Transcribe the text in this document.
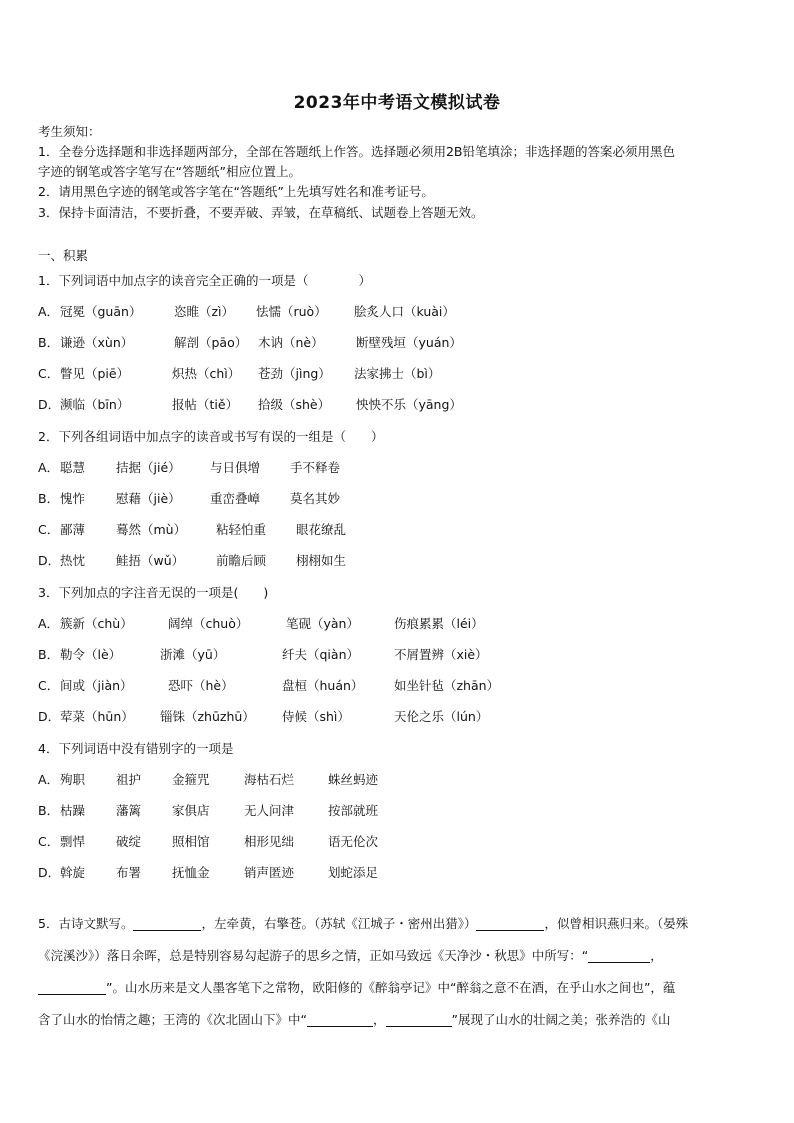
2023年中考语文模拟试卷
考生须知：
1．全卷分选择题和非选择题两部分，全部在答题纸上作答。选择题必须用2B铅笔填涂；非选择题的答案必须用黑色
字迹的钢笔或答字笔写在“答题纸”相应位置上。
2．请用黑色字迹的钢笔或答字笔在“答题纸”上先填写姓名和准考证号。
3．保持卡面清洁，不要折叠，不要弄破、弄皱，在草稿纸、试题卷上答题无效。
一、积累
1．下列词语中加点字的读音完全正确的一项是（　　　　）
A．冠冕（guān）	恣睢（zì） 怯懦（ruò） 脍炙人口（kuài）
B．谦逊（xùn）	解剖（pāo） 木讷（nè）	断壁残垣（yuán）
C．瞥见（piē）	炽热（chì） 苍劲（jìng） 法家拂士（bì）
D．濒临（bīn）	报帖（tiě） 拾级（shè） 怏怏不乐（yāng）
2．下列各组词语中加点字的读音或书写有误的一组是（　　）
A．聪慧 拮据（jié） 与日俱增 手不释卷
B．愧怍 慰藉（jiè） 重峦叠嶂 莫名其妙
C．鄙薄 蓦然（mù） 粘轻怕重 眼花缭乱
D．热忱 鲑捂（wǔ）	前瞻后顾 栩栩如生
3．下列加点的字注音无误的一项是(　　)
A．簇新（chù）	阔绰（chuò）	笔砚（yàn）	伤痕累累（léi）
B．勒令（lè）	浙滩（yū）	纤夫（qiàn）	不屑置辨（xiè）
C．间或（jiàn）	恐吓（hè）	盘桓（huán） 如坐针毡（zhān）
D．荤菜（hūn） 锱铢（zhūzhū） 侍候（shì）	天伦之乐（lún）
4．下列词语中没有错别字的一项是
A．殉职 祖护 金箍咒	海枯石烂	蛛丝蚂迹
B．枯躁 藩篱 家俱店	无人问津	按部就班
C．剽悍 破绽 照相馆	相形见绌	语无伦次
D．斡旋 布署 抚恤金	销声匿迹	划蛇添足
5．古诗文默写。	，左牵黄，右擎苍。（苏轼《江城子・密州出猎》）	，似曾相识燕归来。（晏殊
《浣溪沙》）落日余晖，总是特别容易勾起游子的思乡之情，正如马致远《天净沙・秋思》中所写：“	，
”。山水历来是文人墨客笔下之常物，欧阳修的《醉翁亭记》中“醉翁之意不在酒，在乎山水之间也”，蕴
含了山水的怡情之趣；王湾的《次北固山下》中“	，	”展现了山水的壮阔之美；张养浩的《山
